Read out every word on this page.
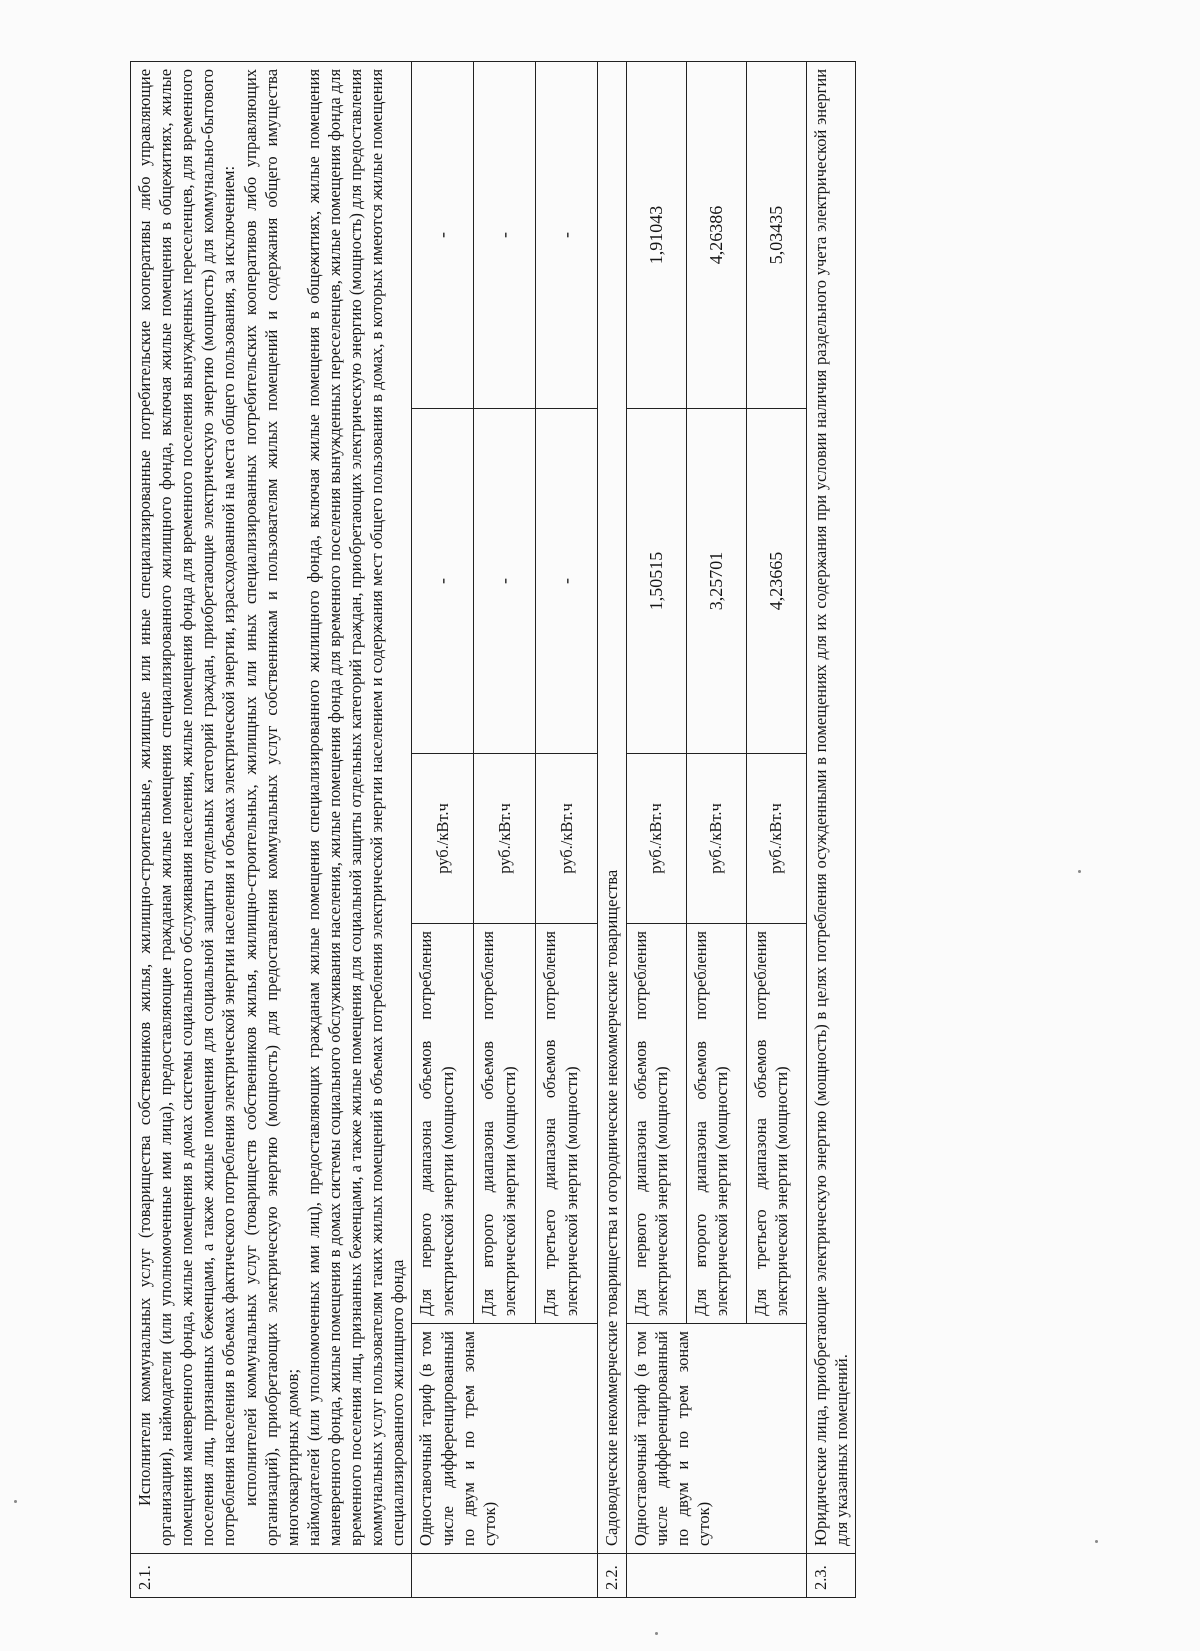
2.1.	Исполнители коммунальных услуг (товарищества собственников жилья, жилищно-строительные, жилищные или иные специализированные потребительские кооперативы либо управляющие организации), наймодатели (или уполномоченные ими лица), предоставляющие гражданам жилые помещения специализированного жилищного фонда, включая жилые помещения в общежитиях, жилые помещения маневренного фонда, жилые помещения в домах системы социального обслуживания населения, жилые помещения фонда для временного поселения вынужденных переселенцев, для временного поселения лиц, признанных беженцами, а также жилые помещения для социальной защиты отдельных категорий граждан, приобретающие электрическую энергию (мощность) для коммунально-бытового потребления населения в объемах фактического потребления электрической энергии населения и объемах электрической энергии, израсходованной на места общего пользования, за исключением: исполнителей коммунальных услуг (товариществ собственников жилья, жилищно-строительных, жилищных или иных специализированных потребительских кооперативов либо управляющих организаций), приобретающих электрическую энергию (мощность) для предоставления коммунальных услуг собственникам и пользователям жилых помещений и содержания общего имущества многоквартирных домов; наймодателей (или уполномоченных ими лиц), предоставляющих гражданам жилые помещения специализированного жилищного фонда, включая жилые помещения в общежитиях, жилые помещения маневренного фонда, жилые помещения в домах системы социального обслуживания населения, жилые помещения фонда для временного поселения вынужденных переселенцев, жилые помещения фонда для временного поселения лиц, признанных беженцами, а также жилые помещения для социальной защиты отдельных категорий граждан, приобретающих электрическую энергию (мощность) для предоставления коммунальных услуг пользователям таких жилых помещений в объемах потребления электрической энергии населением и содержания мест общего пользования в домах, в которых имеются жилые помещения специализированного жилищного фонда				

	Одноставочный тариф (в том числе дифференцированный по двум и по трем зонам суток)	Для первого диапазона объемов потребления электрической энергии (мощности)	руб./кВт.ч	-	-
		Для второго диапазона объемов потребления электрической энергии (мощности)	руб./кВт.ч	-	-
		Для третьего диапазона объемов потребления электрической энергии (мощности)	руб./кВт.ч	-	-
2.2.	Садоводческие некоммерческие товарищества и огороднические некоммерческие товарищества				
	Одноставочный тариф (в том числе дифференцированный по двум и по трем зонам суток)	Для первого диапазона объемов потребления электрической энергии (мощности)	руб./кВт.ч	1,50515	1,91043
		Для второго диапазона объемов потребления электрической энергии (мощности)	руб./кВт.ч	3,25701	4,26386
		Для третьего диапазона объемов потребления электрической энергии (мощности)	руб./кВт.ч	4,23665	5,03435
2.3.	Юридические лица, приобретающие электрическую энергию (мощность) в целях потребления осужденными в помещениях для их содержания при условии наличия раздельного учета электрической энергии для указанных помещений.				
